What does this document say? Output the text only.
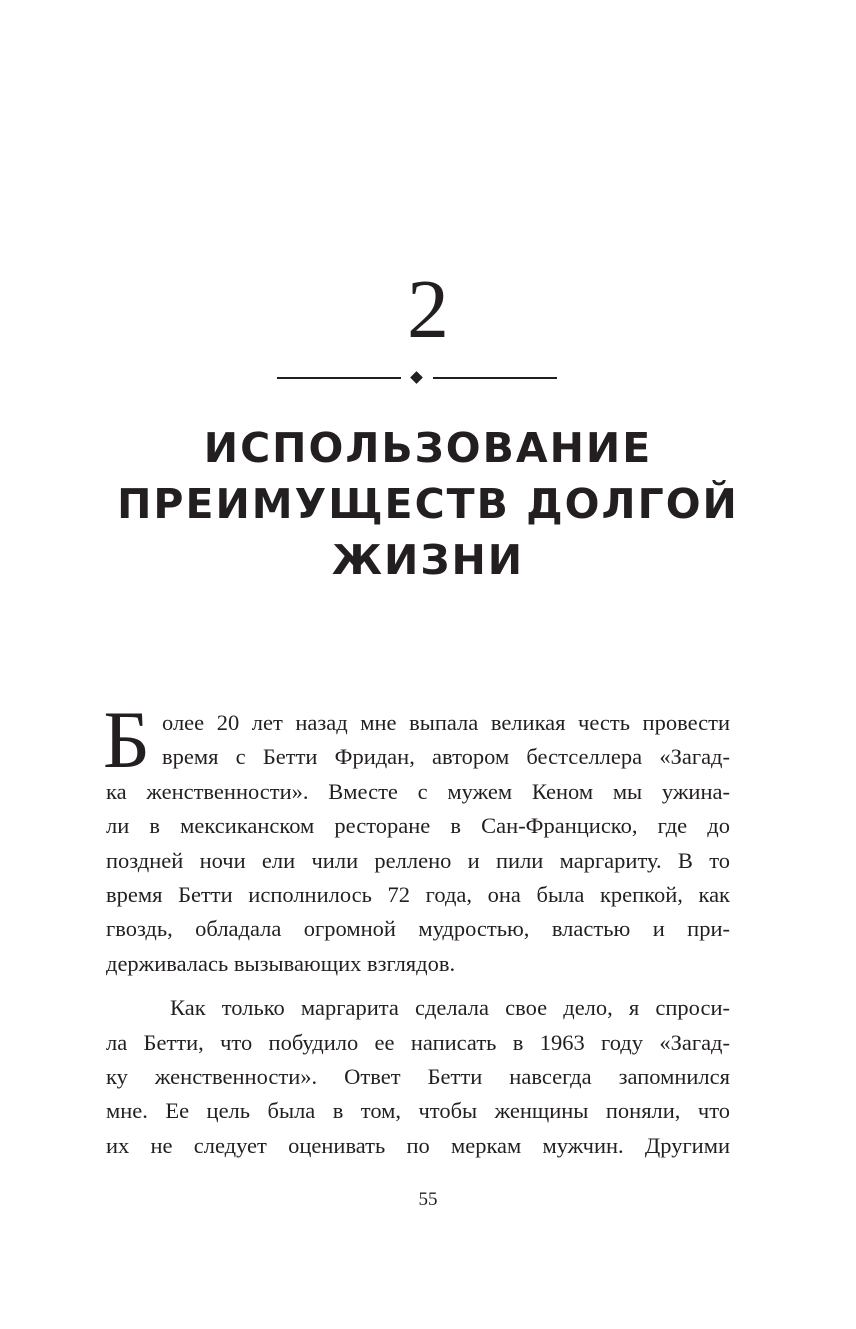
2
ИСПОЛЬЗОВАНИЕ
ПРЕИМУЩЕСТВ ДОЛГОЙ
ЖИЗНИ
Б олее 20 лет назад мне выпала великая честь провести
время с Бетти Фридан, автором бестселлера «Загад-
ка женственности». Вместе с мужем Кеном мы ужина-
ли в мексиканском ресторане в Сан-Франциско, где до
поздней ночи ели чили реллено и пили маргариту. В то
время Бетти исполнилось 72 года, она была крепкой, как
гвоздь, обладала огромной мудростью, властью и при-
держивалась вызывающих взглядов.
Как только маргарита сделала свое дело, я спроси-
ла Бетти, что побудило ее написать в 1963 году «Загад-
ку женственности». Ответ Бетти навсегда запомнился
мне. Ее цель была в том, чтобы женщины поняли, что
их не следует оценивать по меркам мужчин. Другими
55
